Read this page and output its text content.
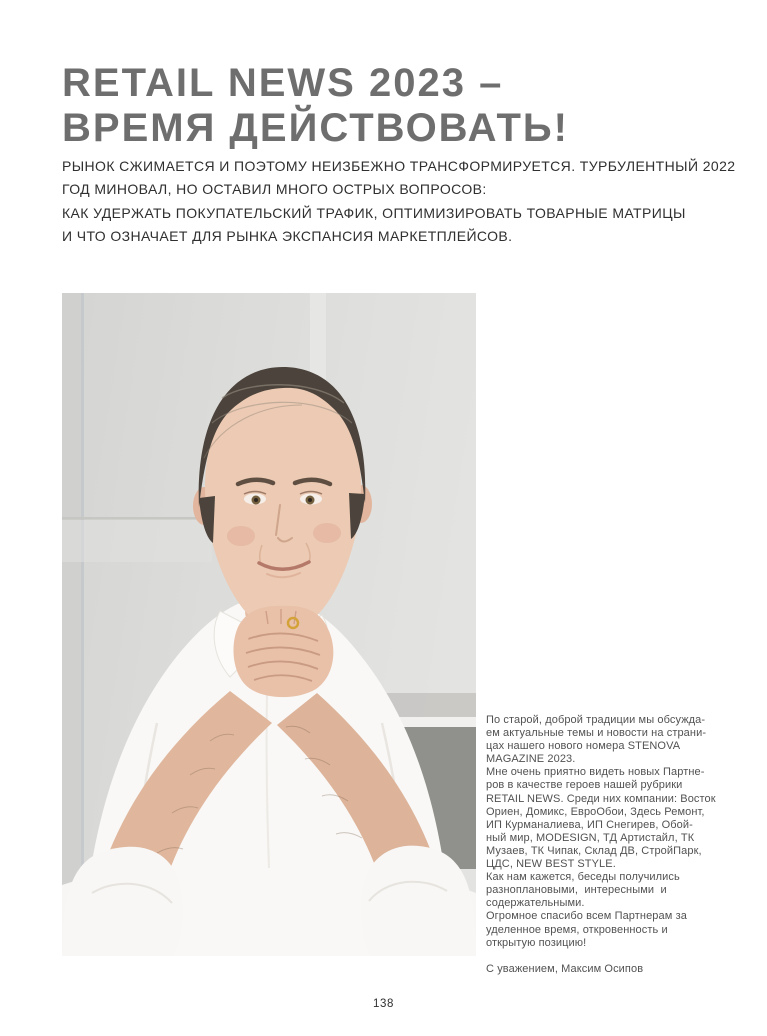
RETAIL NEWS 2023 –
ВРЕМЯ ДЕЙСТВОВАТЬ!
РЫНОК СЖИМАЕТСЯ И ПОЭТОМУ НЕИЗБЕЖНО ТРАНСФОРМИРУЕТСЯ. ТУРБУЛЕНТНЫЙ 2022
ГОД МИНОВАЛ, НО ОСТАВИЛ МНОГО ОСТРЫХ ВОПРОСОВ:
КАК УДЕРЖАТЬ ПОКУПАТЕЛЬСКИЙ ТРАФИК, ОПТИМИЗИРОВАТЬ ТОВАРНЫЕ МАТРИЦЫ
И ЧТО ОЗНАЧАЕТ ДЛЯ РЫНКА ЭКСПАНСИЯ МАРКЕТПЛЕЙСОВ.
По старой, доброй традиции мы обсужда-
ем актуальные темы и новости на страни-
цах нашего нового номера STENOVA
MAGAZINE 2023.
Мне очень приятно видеть новых Партне-
ров в качестве героев нашей рубрики
RETAIL NEWS. Среди них компании: Восток
Ориен, Домикс, ЕвроОбои, Здесь Ремонт,
ИП Курманалиева, ИП Снегирев, Обой-
ный мир, MODESIGN, ТД Артистайл, ТК
Музаев, ТК Чипак, Склад ДВ, СтройПарк,
ЦДС, NEW BEST STYLE.
Как нам кажется, беседы получились
разноплановыми,  интересными  и
содержательными.
Огромное спасибо всем Партнерам за
уделенное время, откровенность и
открытую позицию!
С уважением, Максим Осипов
138
